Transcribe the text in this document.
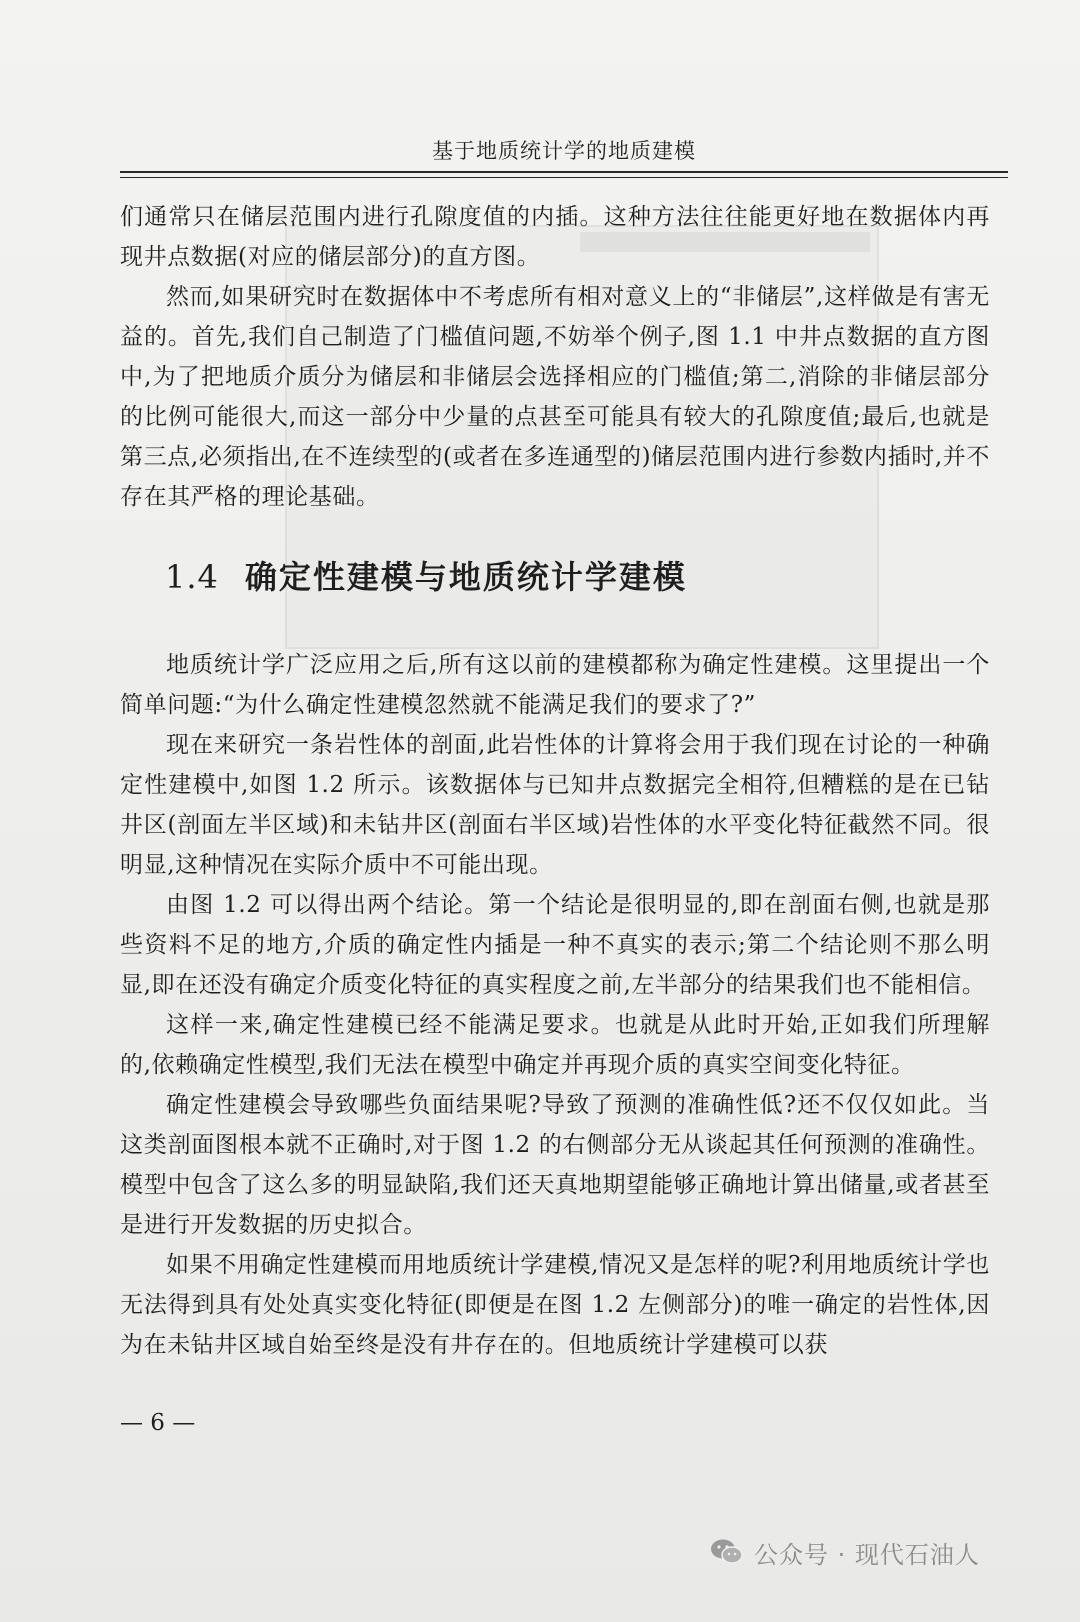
基于地质统计学的地质建模

们通常只在储层范围内进行孔隙度值的内插。这种方法往往能更好地在数据体内再现井点数据(对应的储层部分)的直方图。

然而,如果研究时在数据体中不考虑所有相对意义上的“非储层”,这样做是有害无益的。首先,我们自己制造了门槛值问题,不妨举个例子,图 1.1 中井点数据的直方图中,为了把地质介质分为储层和非储层会选择相应的门槛值;第二,消除的非储层部分的比例可能很大,而这一部分中少量的点甚至可能具有较大的孔隙度值;最后,也就是第三点,必须指出,在不连续型的(或者在多连通型的)储层范围内进行参数内插时,并不存在其严格的理论基础。

1.4 确定性建模与地质统计学建模

地质统计学广泛应用之后,所有这以前的建模都称为确定性建模。这里提出一个简单问题:“为什么确定性建模忽然就不能满足我们的要求了?”

现在来研究一条岩性体的剖面,此岩性体的计算将会用于我们现在讨论的一种确定性建模中,如图 1.2 所示。该数据体与已知井点数据完全相符,但糟糕的是在已钻井区(剖面左半区域)和未钻井区(剖面右半区域)岩性体的水平变化特征截然不同。很明显,这种情况在实际介质中不可能出现。

由图 1.2 可以得出两个结论。第一个结论是很明显的,即在剖面右侧,也就是那些资料不足的地方,介质的确定性内插是一种不真实的表示;第二个结论则不那么明显,即在还没有确定介质变化特征的真实程度之前,左半部分的结果我们也不能相信。

这样一来,确定性建模已经不能满足要求。也就是从此时开始,正如我们所理解的,依赖确定性模型,我们无法在模型中确定并再现介质的真实空间变化特征。

确定性建模会导致哪些负面结果呢?导致了预测的准确性低?还不仅仅如此。当这类剖面图根本就不正确时,对于图 1.2 的右侧部分无从谈起其任何预测的准确性。模型中包含了这么多的明显缺陷,我们还天真地期望能够正确地计算出储量,或者甚至是进行开发数据的历史拟合。

如果不用确定性建模而用地质统计学建模,情况又是怎样的呢?利用地质统计学也无法得到具有处处真实变化特征(即便是在图 1.2 左侧部分)的唯一确定的岩性体,因为在未钻井区域自始至终是没有井存在的。但地质统计学建模可以获

— 6 —
公众号 · 现代石油人
